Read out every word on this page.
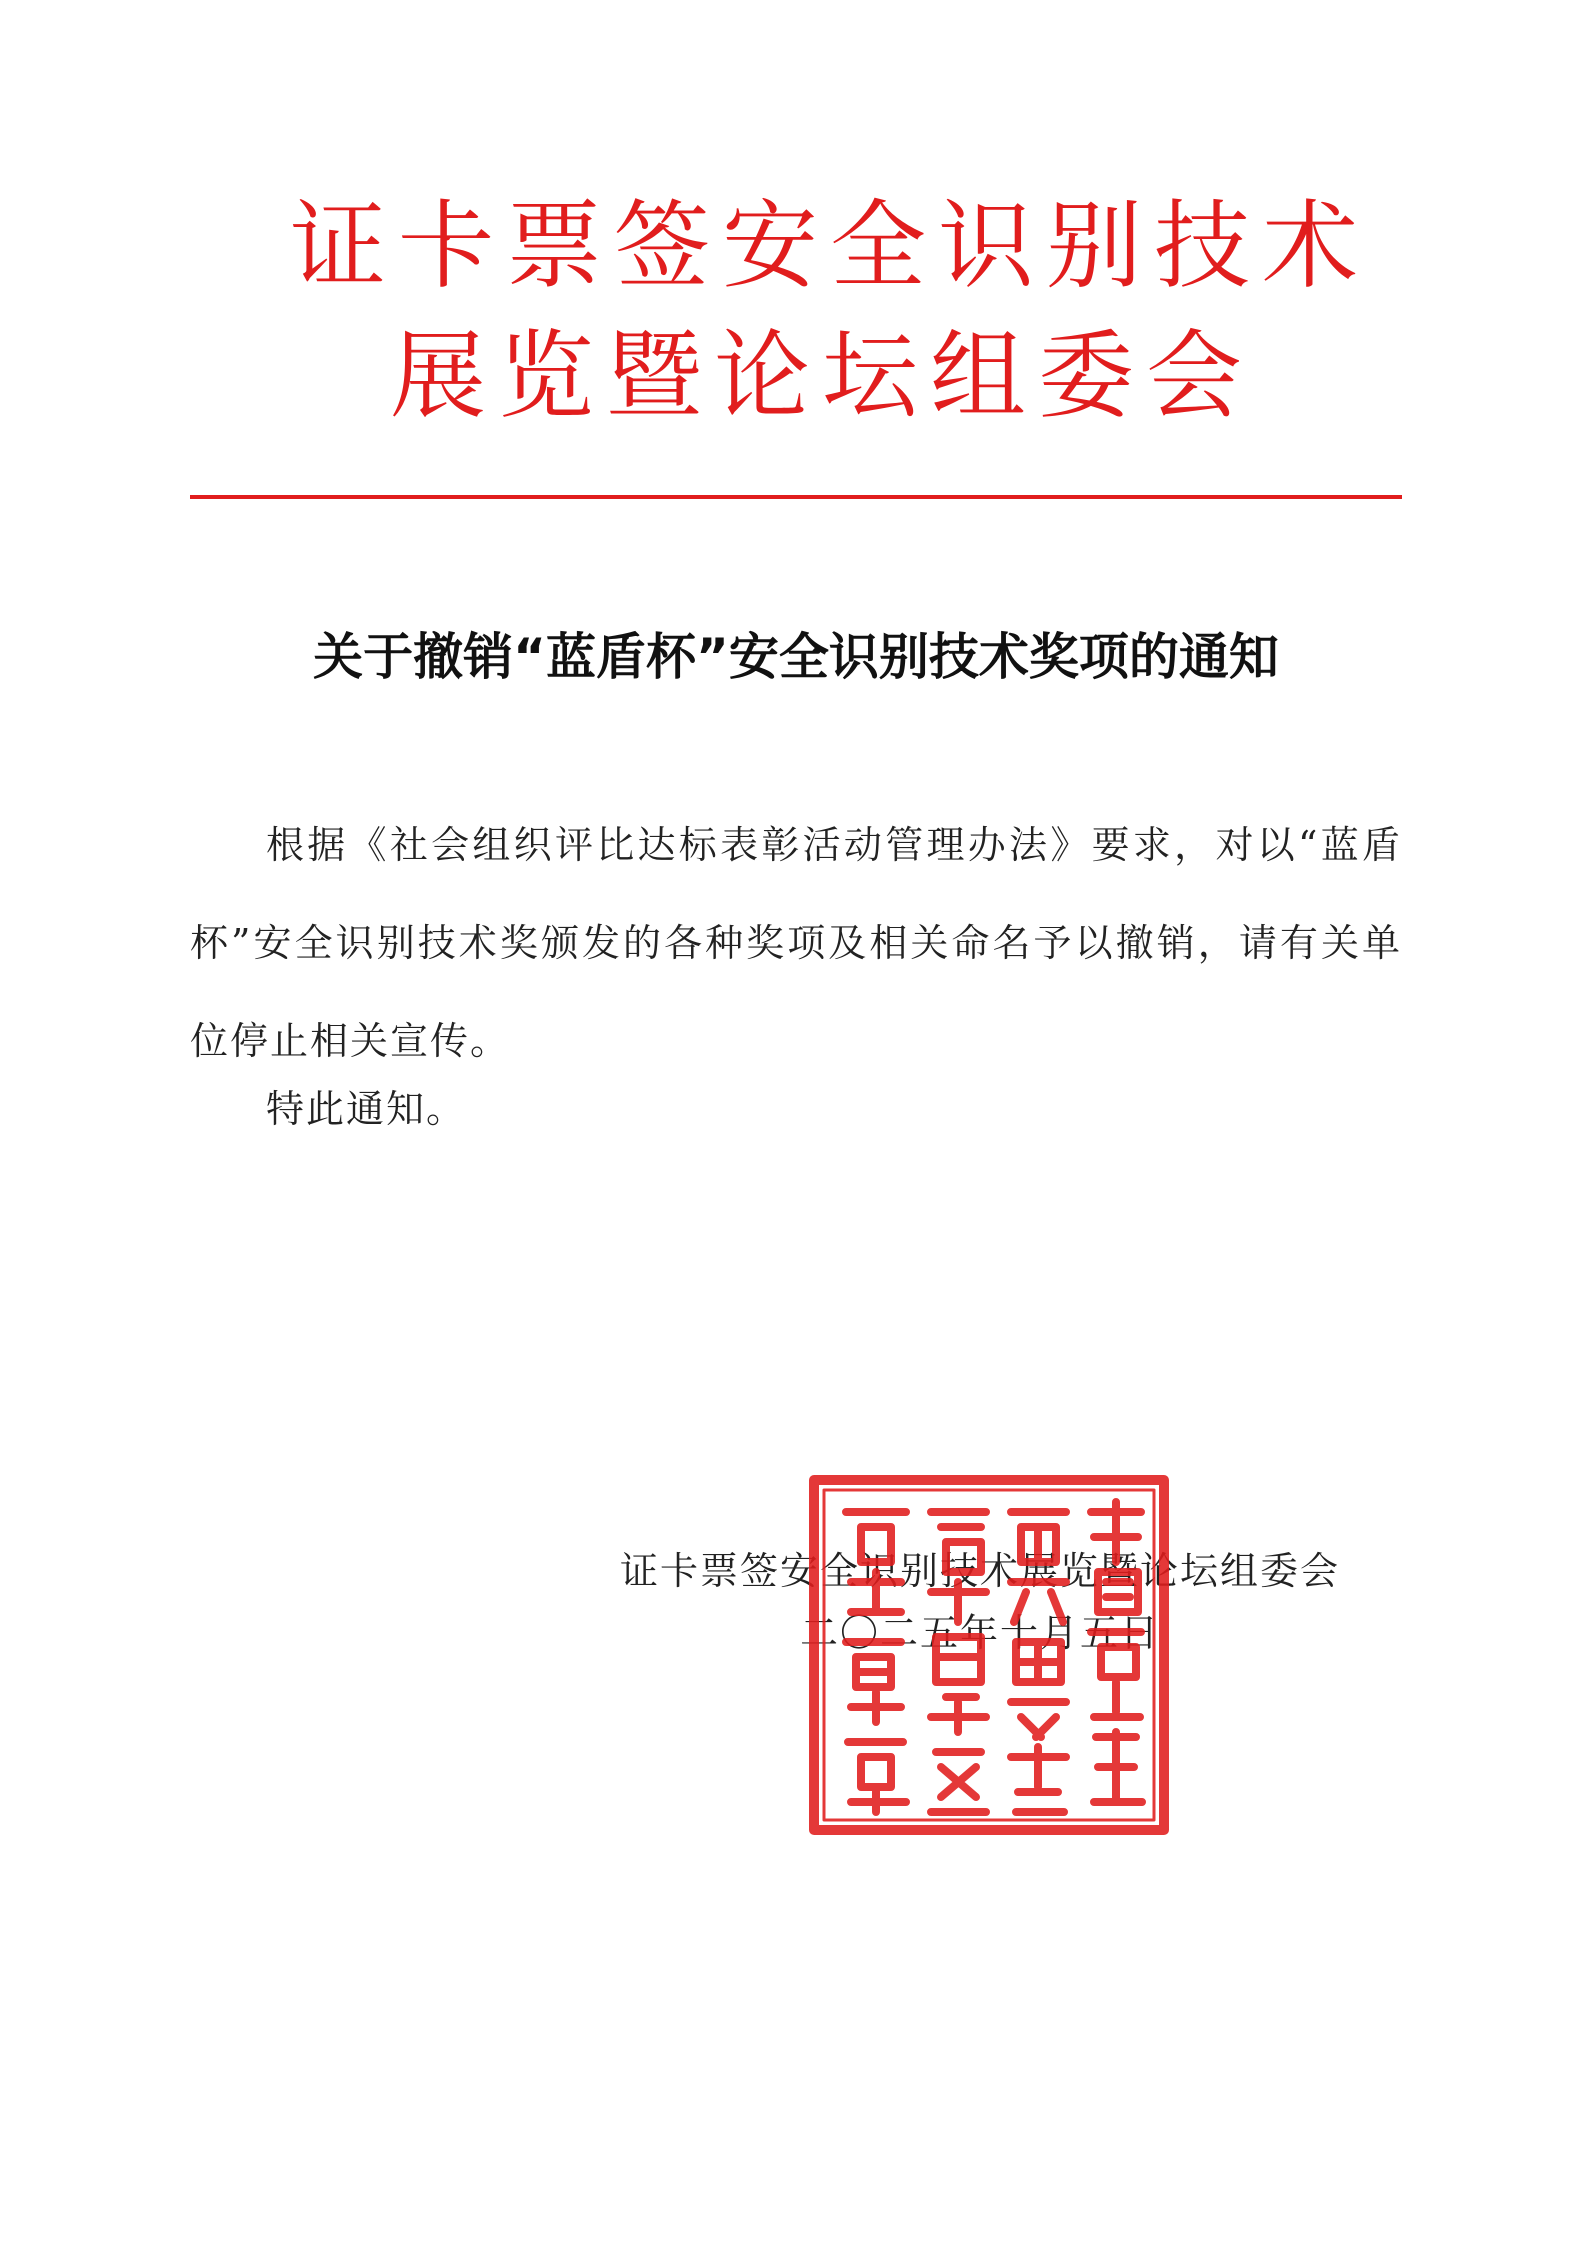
证卡票签安全识别技术
展览暨论坛组委会
关于撤销“蓝盾杯”安全识别技术奖项的通知
根据《社会组织评比达标表彰活动管理办法》要求，对以“蓝盾杯”安全识别技术奖颁发的各种奖项及相关命名予以撤销，请有关单位停止相关宣传。
特此通知。
证卡票签安全识别技术展览暨论坛组委会
二〇二五年十月五日
